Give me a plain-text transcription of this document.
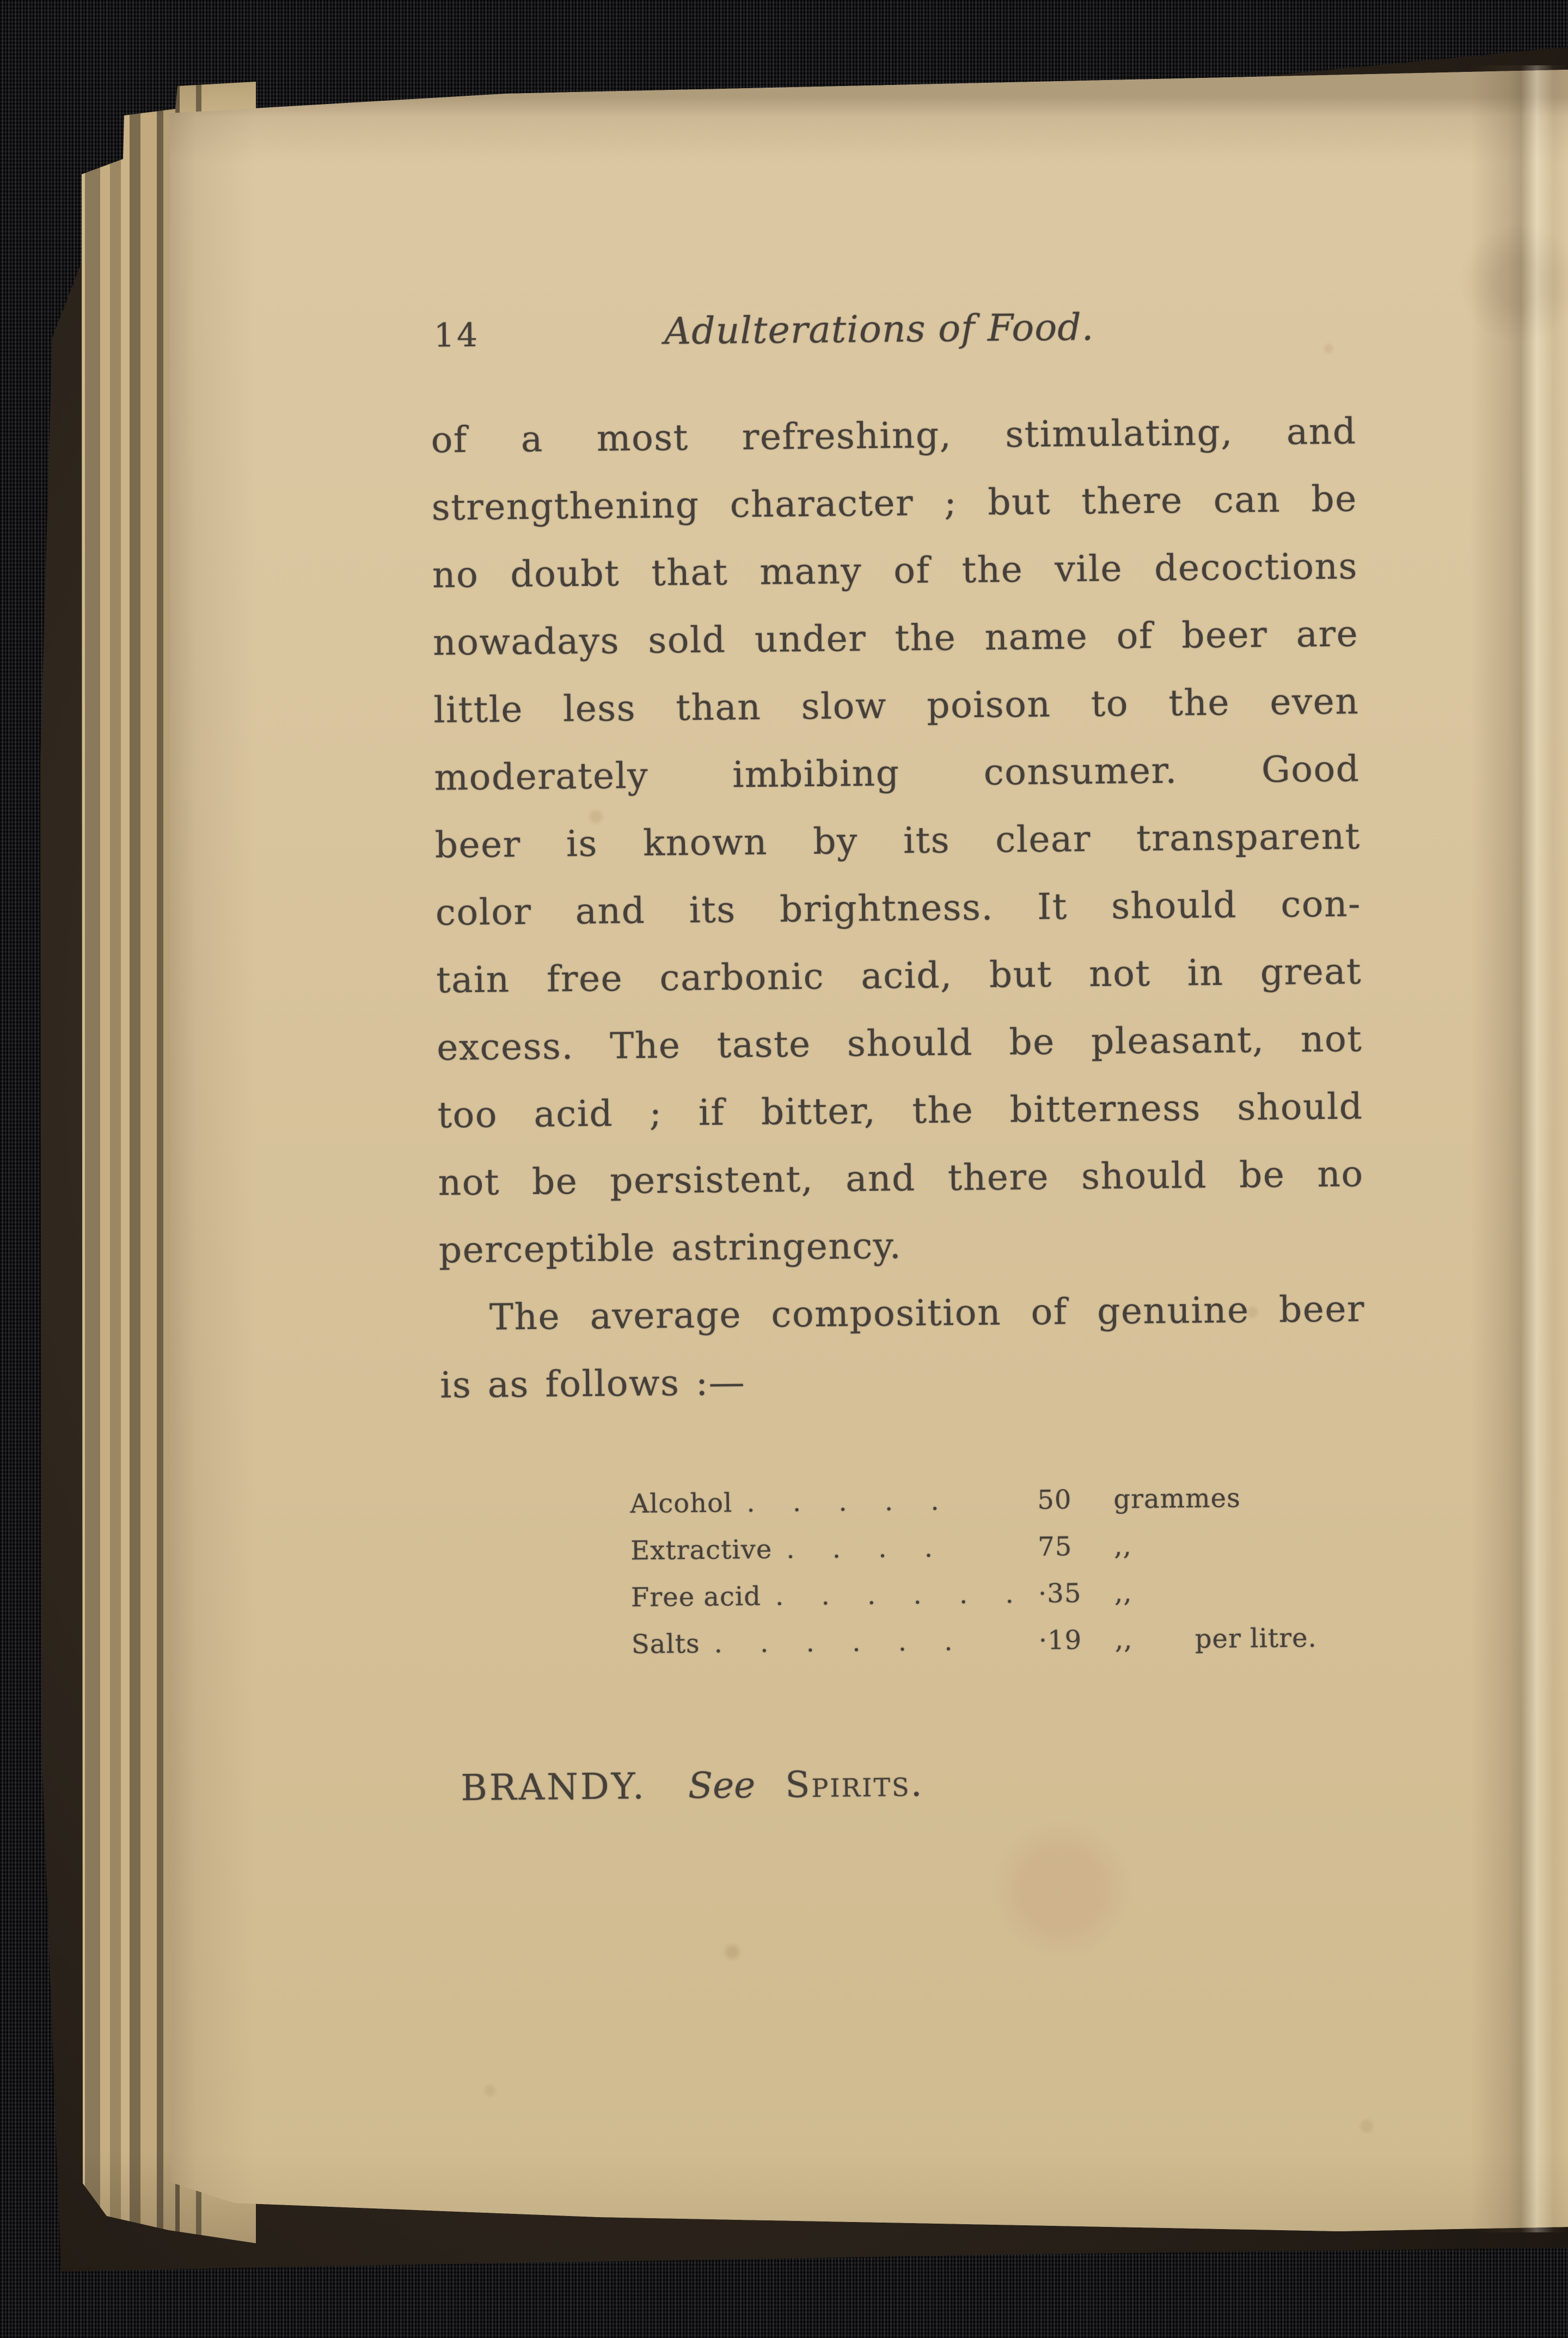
14	Adulterations of Food.
of a most refreshing, stimulating, and
strengthening character ; but there can be
no doubt that many of the vile decoctions
nowadays sold under the name of beer are
little less than slow poison to the even
moderately imbibing consumer. Good
beer is known by its clear transparent
color and its brightness. It should con-
tain free carbonic acid, but not in great
excess. The taste should be pleasant, not
too acid ; if bitter, the bitterness should
not be persistent, and there should be no
perceptible astringency.
The average composition of genuine beer
is as follows :—
Alcohol . . . . .	50 grammes
Extractive . . . .	75 ,,
Free acid . . . . . . ·35 ,,
Salts . . . . . .	·19 ,, per litre.
BRANDY. See Spirits.
